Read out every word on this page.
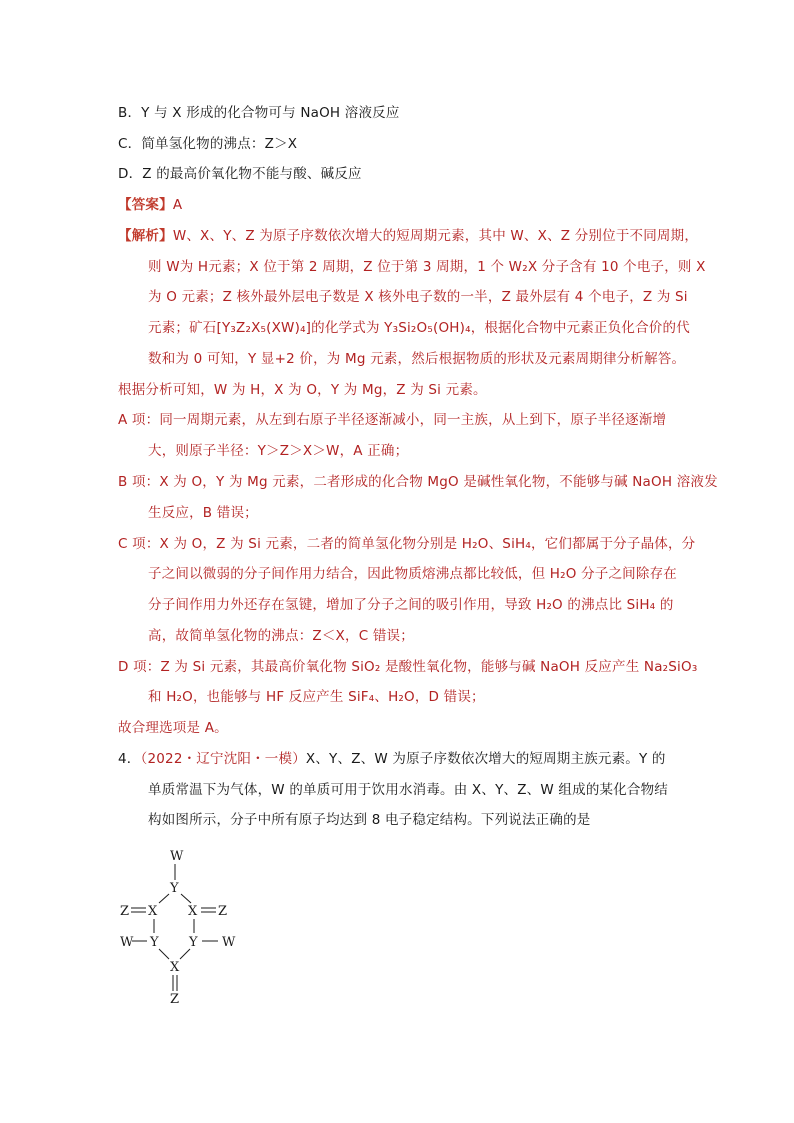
B．Y 与 X 形成的化合物可与 NaOH 溶液反应
C．简单氢化物的沸点：Z＞X
D．Z 的最高价氧化物不能与酸、碱反应
【答案】A
【解析】W、X、Y、Z 为原子序数依次增大的短周期元素，其中 W、X、Z 分别位于不同周期，
则 W为 H元素；X 位于第 2 周期，Z 位于第 3 周期，1 个 W₂X 分子含有 10 个电子，则 X
为 O 元素；Z 核外最外层电子数是 X 核外电子数的一半，Z 最外层有 4 个电子，Z 为 Si
元素；矿石[Y₃Z₂X₅(XW)₄]的化学式为 Y₃Si₂O₅(OH)₄，根据化合物中元素正负化合价的代
数和为 0 可知，Y 显+2 价，为 Mg 元素，然后根据物质的形状及元素周期律分析解答。
根据分析可知，W 为 H，X 为 O，Y 为 Mg，Z 为 Si 元素。
A 项：同一周期元素，从左到右原子半径逐渐减小，同一主族，从上到下，原子半径逐渐增
大，则原子半径：Y＞Z＞X＞W，A 正确；
B 项：X 为 O，Y 为 Mg 元素，二者形成的化合物 MgO 是碱性氧化物，不能够与碱 NaOH 溶液发
生反应，B 错误；
C 项：X 为 O，Z 为 Si 元素，二者的简单氢化物分别是 H₂O、SiH₄，它们都属于分子晶体，分
子之间以微弱的分子间作用力结合，因此物质熔沸点都比较低，但 H₂O 分子之间除存在
分子间作用力外还存在氢键，增加了分子之间的吸引作用，导致 H₂O 的沸点比 SiH₄ 的
高，故简单氢化物的沸点：Z＜X，C 错误；
D 项：Z 为 Si 元素，其最高价氧化物 SiO₂ 是酸性氧化物，能够与碱 NaOH 反应产生 Na₂SiO₃
和 H₂O，也能够与 HF 反应产生 SiF₄、H₂O，D 错误；
故合理选项是 A。
4．（2022・辽宁沈阳・一模）X、Y、Z、W 为原子序数依次增大的短周期主族元素。Y 的
单质常温下为气体，W 的单质可用于饮用水消毒。由 X、Y、Z、W 组成的某化合物结
构如图所示，分子中所有原子均达到 8 电子稳定结构。下列说法正确的是
W
Y
Z X X Z
W Y Y W
X
Z
